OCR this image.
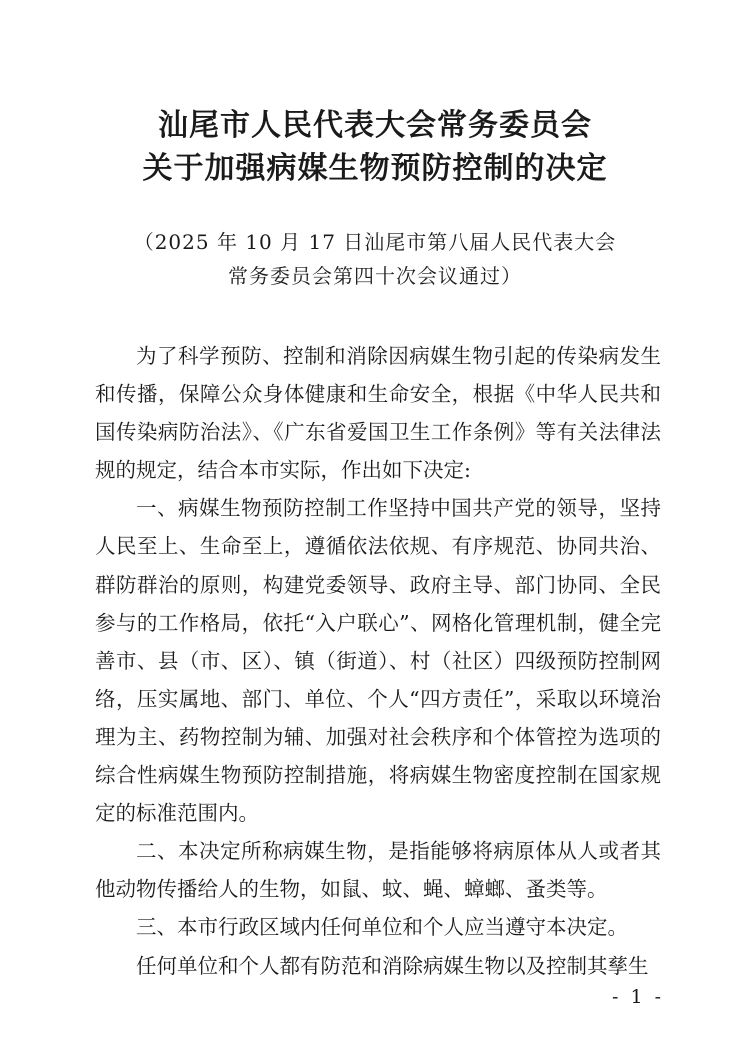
汕尾市人民代表大会常务委员会
关于加强病媒生物预防控制的决定
（2025 年 10 月 17 日汕尾市第八届人民代表大会
常务委员会第四十次会议通过）

为了科学预防、控制和消除因病媒生物引起的传染病发生和传播，保障公众身体健康和生命安全，根据《中华人民共和国传染病防治法》、《广东省爱国卫生工作条例》等有关法律法规的规定，结合本市实际，作出如下决定:

一、病媒生物预防控制工作坚持中国共产党的领导，坚持人民至上、生命至上，遵循依法依规、有序规范、协同共治、群防群治的原则，构建党委领导、政府主导、部门协同、全民参与的工作格局，依托“入户联心”、网格化管理机制，健全完善市、县（市、区）、镇（街道）、村（社区）四级预防控制网络，压实属地、部门、单位、个人“四方责任”，采取以环境治理为主、药物控制为辅、加强对社会秩序和个体管控为选项的综合性病媒生物预防控制措施，将病媒生物密度控制在国家规定的标准范围内。

二、本决定所称病媒生物，是指能够将病原体从人或者其他动物传播给人的生物，如鼠、蚊、蝇、蟑螂、蚤类等。

三、本市行政区域内任何单位和个人应当遵守本决定。

任何单位和个人都有防范和消除病媒生物以及控制其孳生

- 1 -
